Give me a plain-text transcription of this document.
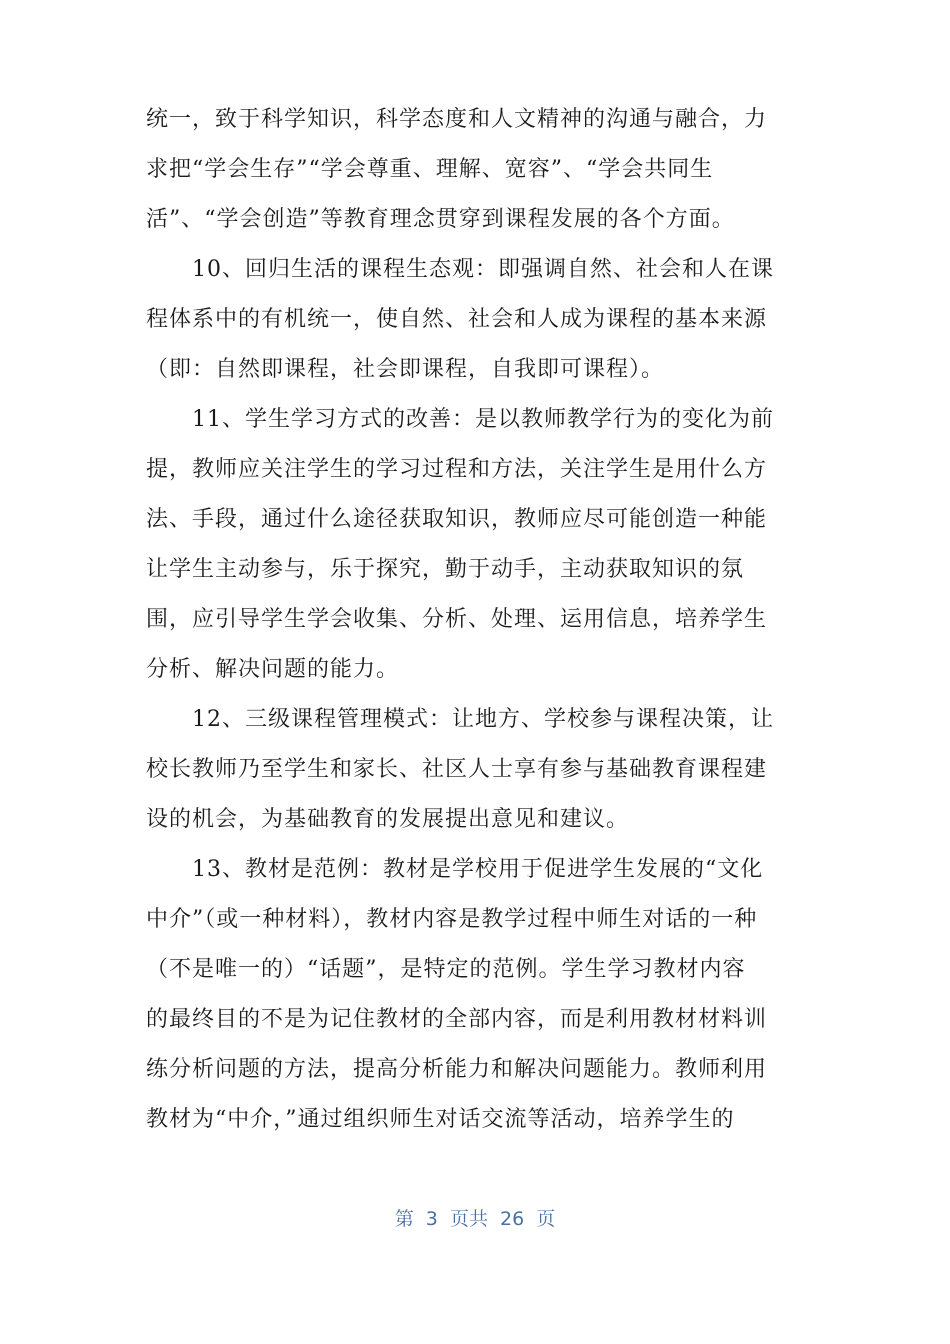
统一，致于科学知识，科学态度和人文精神的沟通与融合，力
求把“学会生存”“学会尊重、理解、宽容”、“学会共同生
活”、“学会创造”等教育理念贯穿到课程发展的各个方面。
10、回归生活的课程生态观：即强调自然、社会和人在课
程体系中的有机统一，使自然、社会和人成为课程的基本来源
（即：自然即课程，社会即课程，自我即可课程）。
11、学生学习方式的改善：是以教师教学行为的变化为前
提，教师应关注学生的学习过程和方法，关注学生是用什么方
法、手段，通过什么途径获取知识，教师应尽可能创造一种能
让学生主动参与，乐于探究，勤于动手，主动获取知识的氛
围，应引导学生学会收集、分析、处理、运用信息，培养学生
分析、解决问题的能力。
12、三级课程管理模式：让地方、学校参与课程决策，让
校长教师乃至学生和家长、社区人士享有参与基础教育课程建
设的机会，为基础教育的发展提出意见和建议。
13、教材是范例：教材是学校用于促进学生发展的“文化
中介”（或一种材料），教材内容是教学过程中师生对话的一种
（不是唯一的）“话题”，是特定的范例。学生学习教材内容
的最终目的不是为记住教材的全部内容，而是利用教材材料训
练分析问题的方法，提高分析能力和解决问题能力。教师利用
教材为“中介，”通过组织师生对话交流等活动，培养学生的
第  3  页共  26  页
